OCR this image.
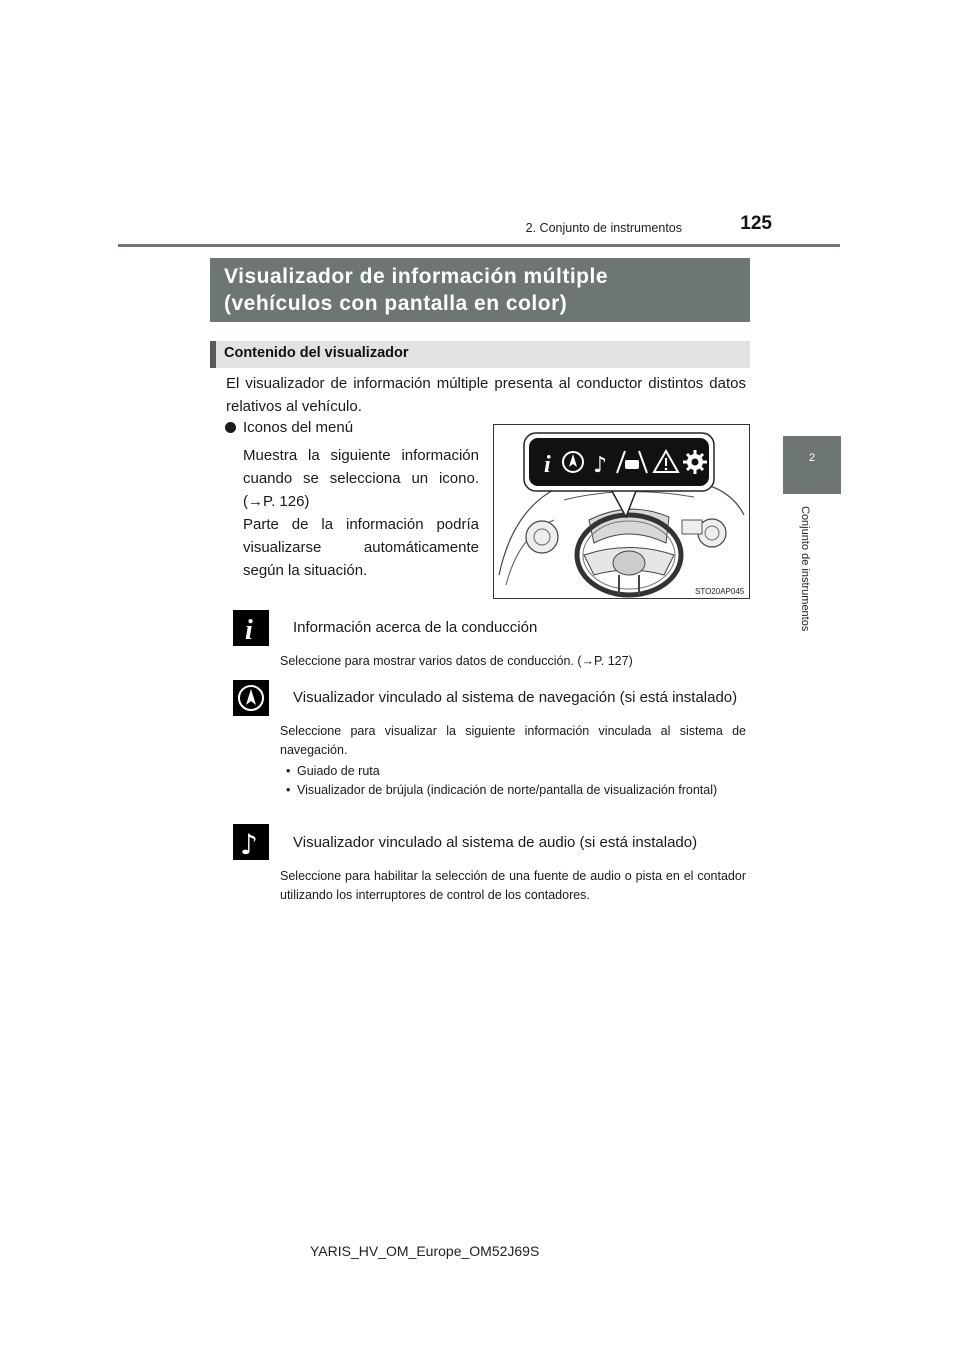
2. Conjunto de instrumentos	125
2
Conjunto de instrumentos
Visualizador de información múltiple
(vehículos con pantalla en color)
Contenido del visualizador
El visualizador de información múltiple presenta al conductor distintos datos relativos al vehículo.
Iconos del menú
Muestra la siguiente información
cuando se selecciona un icono.
(→P. 126)
Parte de la información podría
visualizarse automáticamente
según la situación.
i ♪
STO20AP045
i	Información acerca de la conducción
Seleccione para mostrar varios datos de conducción. (→P. 127)
Visualizador vinculado al sistema de navegación (si está instalado)
Seleccione para visualizar la siguiente información vinculada al sistema de navegación.
• Guiado de ruta
• Visualizador de brújula (indicación de norte/pantalla de visualización frontal)
♪ Visualizador vinculado al sistema de audio (si está instalado)
Seleccione para habilitar la selección de una fuente de audio o pista en el contador utilizando los interruptores de control de los contadores.
YARIS_HV_OM_Europe_OM52J69S
